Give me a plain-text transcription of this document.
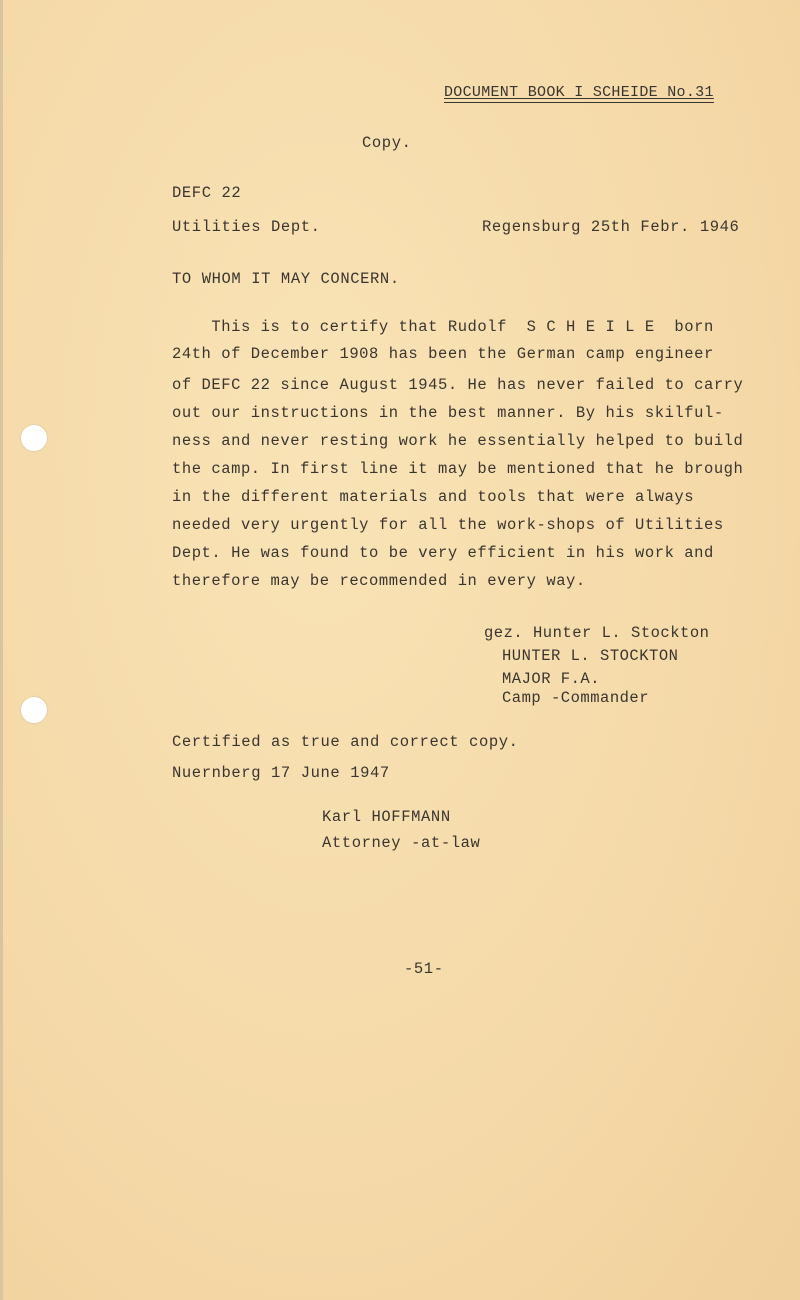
DOCUMENT BOOK I SCHEIDE No.31
Copy.
DEFC 22
Utilities Dept.	Regensburg 25th Febr. 1946
TO WHOM IT MAY CONCERN.
This is to certify that Rudolf  S C H E I L E  born
24th of December 1908 has been the German camp engineer
of DEFC 22 since August 1945. He has never failed to carry
out our instructions in the best manner. By his skilful-
ness and never resting work he essentially helped to build
the camp. In first line it may be mentioned that he brough
in the different materials and tools that were always
needed very urgently for all the work-shops of Utilities
Dept. He was found to be very efficient in his work and
therefore may be recommended in every way.
gez. Hunter L. Stockton
HUNTER L. STOCKTON
MAJOR F.A.
Camp -Commander
Certified as true and correct copy.
Nuernberg 17 June 1947
Karl HOFFMANN
Attorney -at-law
-51-
